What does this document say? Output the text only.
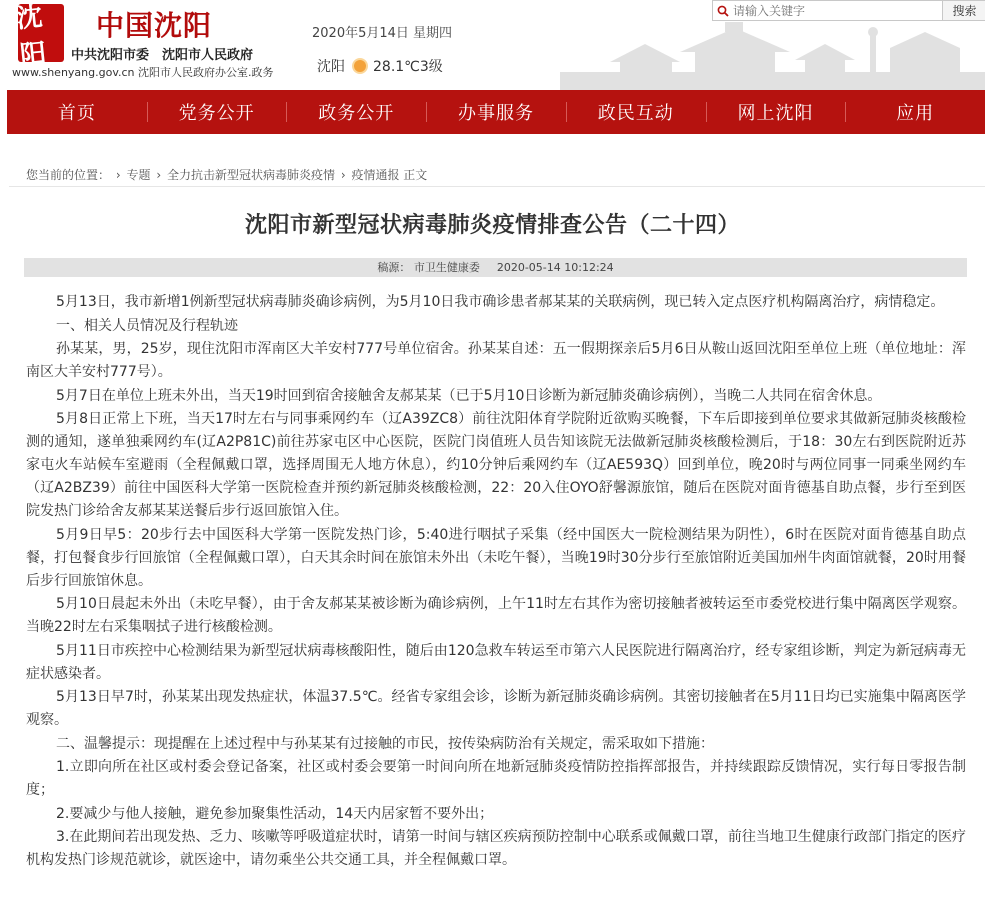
沈阳
中国沈阳
中共沈阳市委　沈阳市人民政府
www.shenyang.gov.cn 沈阳市人民政府办公室.政务
2020年5月14日 星期四
沈阳 28.1℃3级
请输入关键字
搜索
首页	党务公开	政务公开	办事服务	政民互动	网上沈阳	应用
您当前的位置： › 专题 › 全力抗击新型冠状病毒肺炎疫情 › 疫情通报 正文
沈阳市新型冠状病毒肺炎疫情排查公告（二十四）
稿源： 市卫生健康委 2020-05-14 10:12:24

5月13日，我市新增1例新型冠状病毒肺炎确诊病例，为5月10日我市确诊患者郝某某的关联病例，现已转入定点医疗机构隔离治疗，病情稳定。

一、相关人员情况及行程轨迹

孙某某，男，25岁，现住沈阳市浑南区大羊安村777号单位宿舍。孙某某自述：五一假期探亲后5月6日从鞍山返回沈阳至单位上班（单位地址：浑南区大羊安村777号）。

5月7日在单位上班未外出，当天19时回到宿舍接触舍友郝某某（已于5月10日诊断为新冠肺炎确诊病例），当晚二人共同在宿舍休息。

5月8日正常上下班，当天17时左右与同事乘网约车（辽A39ZC8）前往沈阳体育学院附近欲购买晚餐，下车后即接到单位要求其做新冠肺炎核酸检测的通知，遂单独乘网约车(辽A2P81C)前往苏家屯区中心医院，医院门岗值班人员告知该院无法做新冠肺炎核酸检测后，于18：30左右到医院附近苏家屯火车站候车室避雨（全程佩戴口罩，选择周围无人地方休息），约10分钟后乘网约车（辽AE593Q）回到单位，晚20时与两位同事一同乘坐网约车（辽A2BZ39）前往中国医科大学第一医院检查并预约新冠肺炎核酸检测，22：20入住OYO舒馨源旅馆，随后在医院对面肯德基自助点餐，步行至到医院发热门诊给舍友郝某某送餐后步行返回旅馆入住。

5月9日早5：20步行去中国医科大学第一医院发热门诊，5:40进行咽拭子采集（经中国医大一院检测结果为阴性），6时在医院对面肯德基自助点餐，打包餐食步行回旅馆（全程佩戴口罩），白天其余时间在旅馆未外出（未吃午餐），当晚19时30分步行至旅馆附近美国加州牛肉面馆就餐，20时用餐后步行回旅馆休息。

5月10日晨起未外出（未吃早餐），由于舍友郝某某被诊断为确诊病例，上午11时左右其作为密切接触者被转运至市委党校进行集中隔离医学观察。当晚22时左右采集咽拭子进行核酸检测。

5月11日市疾控中心检测结果为新型冠状病毒核酸阳性，随后由120急救车转运至市第六人民医院进行隔离治疗，经专家组诊断，判定为新冠病毒无症状感染者。

5月13日早7时，孙某某出现发热症状，体温37.5℃。经省专家组会诊，诊断为新冠肺炎确诊病例。其密切接触者在5月11日均已实施集中隔离医学观察。

二、温馨提示：现提醒在上述过程中与孙某某有过接触的市民，按传染病防治有关规定，需采取如下措施：

1.立即向所在社区或村委会登记备案，社区或村委会要第一时间向所在地新冠肺炎疫情防控指挥部报告，并持续跟踪反馈情况，实行每日零报告制度；

2.要减少与他人接触，避免参加聚集性活动，14天内居家暂不要外出；

3.在此期间若出现发热、乏力、咳嗽等呼吸道症状时，请第一时间与辖区疾病预防控制中心联系或佩戴口罩，前往当地卫生健康行政部门指定的医疗机构发热门诊规范就诊，就医途中，请勿乘坐公共交通工具，并全程佩戴口罩。
